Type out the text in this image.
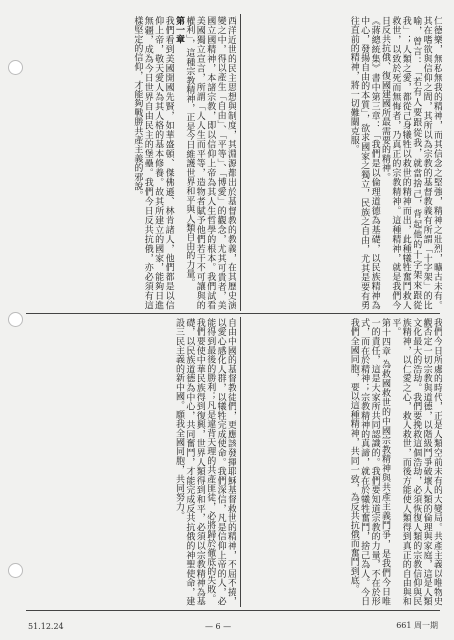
仁德樂，無私無我的精神，而其信念之堅強，精神之壯烈，曠古未有。其在嗜欲與信仰之間，其所以為宗教的基督教義有所謂「十字架」的比喻，曾言：「若有人要跟從我，就當捨己，背起他的十字架來跟從我」；人類之愛，都從己身犧牲以救世的精神而出，此種犧牲奮鬥救人救世，以致於死而無悔者，乃真正的宗教精神。這種精神，就是我們今日反共抗俄、復國建國所最需要的精神。

《蔣總統集》書中第三章：「我們是以倫理道德為基礎，以民族精神為中心，發揚自由的本質」，欲求國家之獨立，民族之自由，尤其是要有勇往直前的精神，將一切難關克服。

西洋近世的民主思想與制度，其淵源都出於基督教的教義，在其歷史演變之中，得以產生「自由」、「平等」、「博愛」的觀念，尤其可貴者，美國立國精神，本諸宗教，即以信仰上帝為其人生哲學的根本。我們試看美國獨立宣言，所謂「人人生而平等，造物者賦予他們若干不可讓與的權利」，這種宗教精神，正是今日維護世界和平與人類自由的力量。

第一章

我們看到美國開國先賢，如華盛頓、傑佛遜、林肯諸人，他們都是以信仰上帝，敬天愛人為其人格的基本修養。故其所建立的國家，能夠日進無疆，成為今日世界自由民主的堡壘。我們今日反共抗俄，亦必須有這樣堅定的信仰，才能夠戰勝共產主義的邪說。

我們今日所處的時代，正是人類空前未有的大變局。共產主義以唯物史觀否定一切宗教與道德，以階級鬥爭破壞人類的倫理與家庭，這是人類文化最大的浩劫。我們要挽救這個浩劫，必須恢復人類的宗教信仰與民族精神，以仁愛之心，救人救世，而後方能使人類得到真正的自由與和平。

第十四章 為救國救世的中國宗教精神與共產主義鬥爭，是我們今日唯一的責任，這是大家所共同認識的。我們要知道宗教的力量，不在於形式，而在於精神；宗教精神的真諦，就在於犧牲奮鬥，捨己為人。今日我們全國同胞，要以這種精神，共同一致，為反共抗俄而奮鬥到底。

自由中國的基督教徒們，更應該發揮耶穌基督救世的精神，不屈不撓，以愛心感化人群，以犧牲完成使命。我們深信，凡是信仰上帝的人，必能得到最後的勝利；凡是違背天理的共產匪徒，必將歸於徹底的失敗。

我們要使中華民族得到復興，世界人類得到和平，必須以宗教精神為基礎，以民族道德為中心，共同奮鬥，才能完成反共抗俄的神聖使命，建設三民主義的新中國。願我全國同胞，共同努力。

51.12.24	— 6 —	661 周一期
